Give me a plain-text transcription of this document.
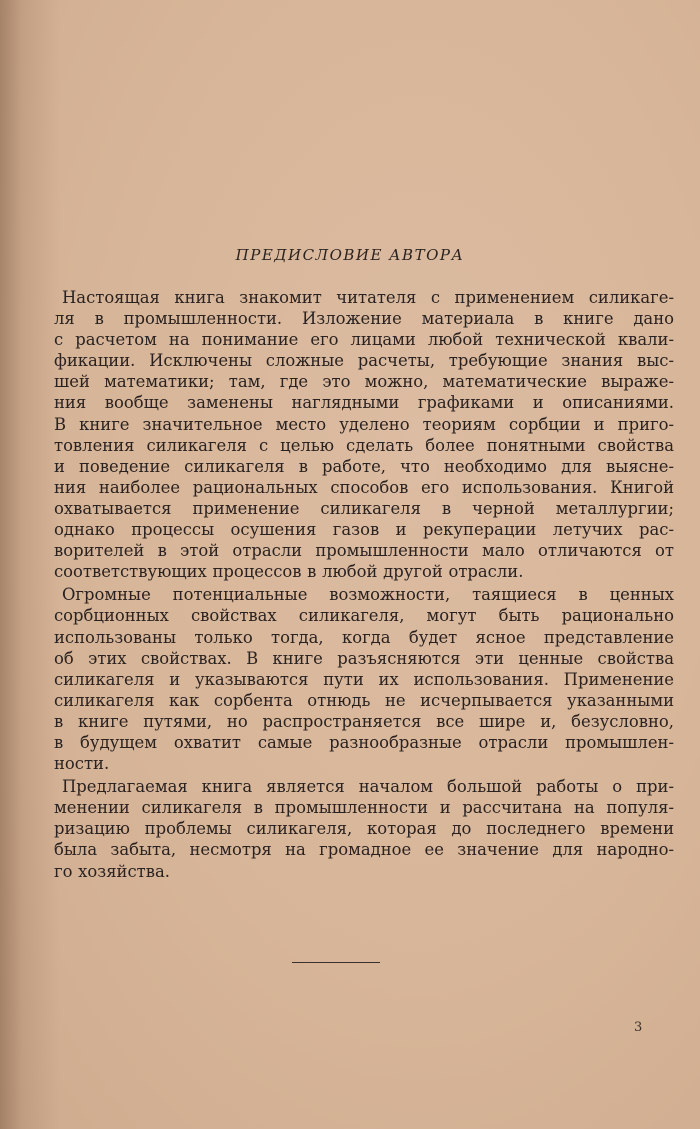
ПРЕДИСЛОВИЕ АВТОРА
Настоящая книга знакомит читателя с применением силикаге-
ля в промышленности. Изложение материала в книге дано
с расчетом на понимание его лицами любой технической квали-
фикации. Исключены сложные расчеты, требующие знания выс-
шей математики; там, где это можно, математические выраже-
ния вообще заменены наглядными графиками и описаниями.
В книге значительное место уделено теориям сорбции и приго-
товления силикагеля с целью сделать более понятными свойства
и поведение силикагеля в работе, что необходимо для выясне-
ния наиболее рациональных способов его использования. Книгой
охватывается применение силикагеля в черной металлургии;
однако процессы осушения газов и рекуперации летучих рас-
ворителей в этой отрасли промышленности мало отличаются от
соответствующих процессов в любой другой отрасли.
Огромные потенциальные возможности, таящиеся в ценных
сорбционных свойствах силикагеля, могут быть рационально
использованы только тогда, когда будет ясное представление
об этих свойствах. В книге разъясняются эти ценные свойства
силикагеля и указываются пути их использования. Применение
силикагеля как сорбента отнюдь не исчерпывается указанными
в книге путями, но распространяется все шире и, безусловно,
в будущем охватит самые разнообразные отрасли промышлен-
ности.
Предлагаемая книга является началом большой работы о при-
менении силикагеля в промышленности и рассчитана на популя-
ризацию проблемы силикагеля, которая до последнего времени
была забыта, несмотря на громадное ее значение для народно-
го хозяйства.
3
